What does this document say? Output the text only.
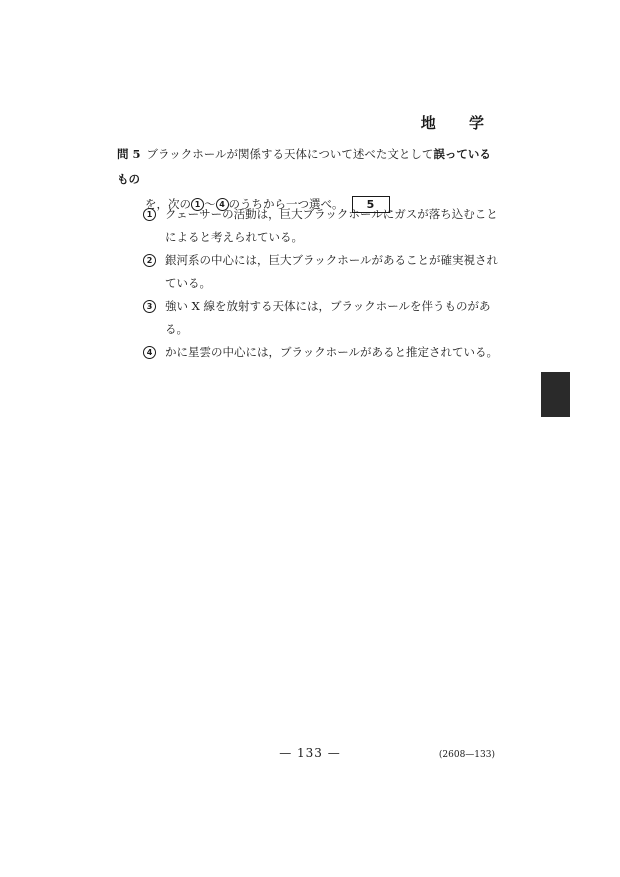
地 学
問 5 ブラックホールが関係する天体について述べた文として誤っているもの
を，次の 1 ～ 4 のうちから一つ選べ。 5
1 クェーサーの活動は，巨大ブラックホールにガスが落ち込むことによると考えられている。
2 銀河系の中心には，巨大ブラックホールがあることが確実視されている。
3 強い X 線を放射する天体には，ブラックホールを伴うものがある。
4 かに星雲の中心には，ブラックホールがあると推定されている。
— 133 —	(2608—133)
